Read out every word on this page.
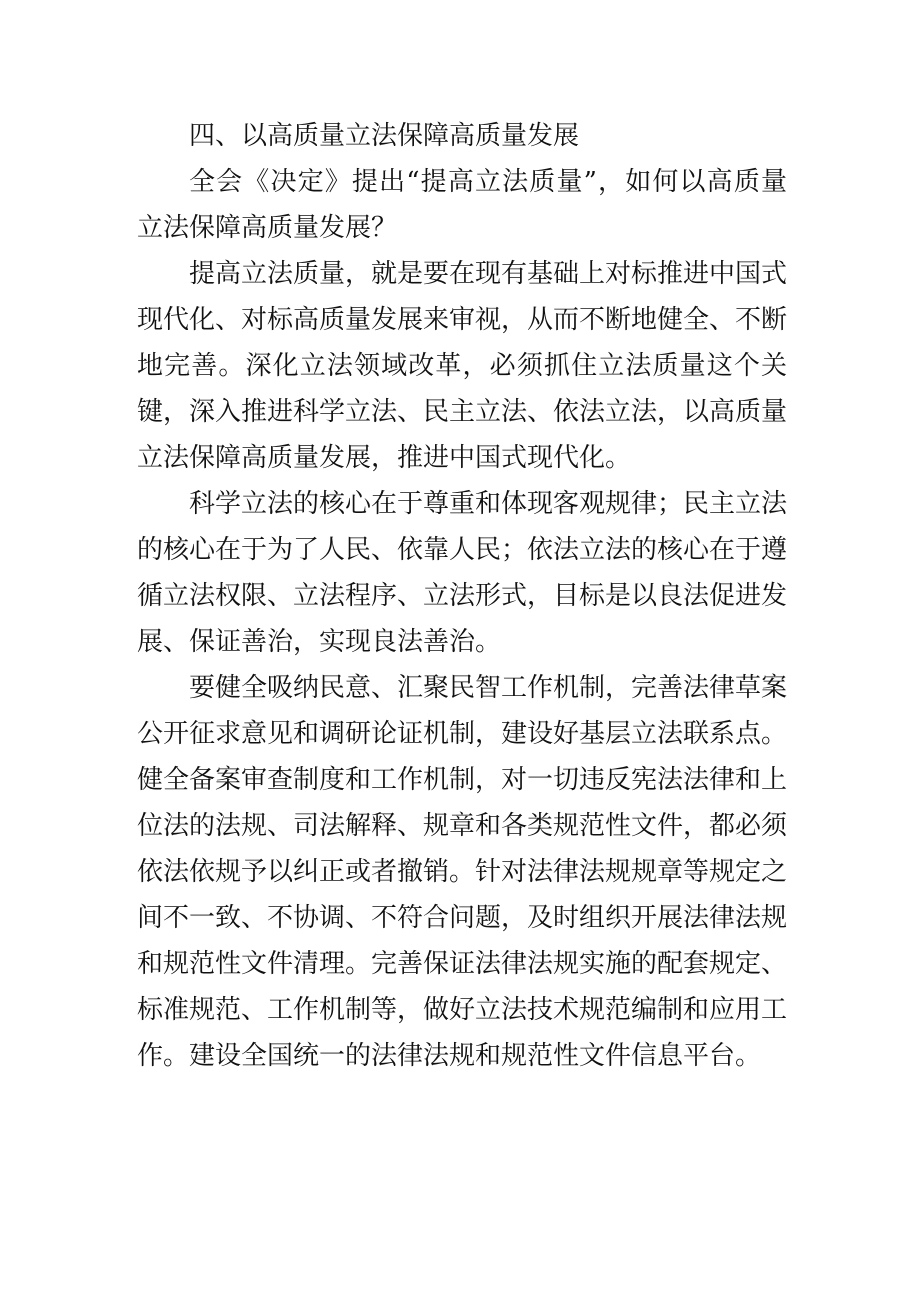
四、以高质量立法保障高质量发展

全会《决定》提出“提高立法质量”，如何以高质量立法保障高质量发展？

提高立法质量，就是要在现有基础上对标推进中国式现代化、对标高质量发展来审视，从而不断地健全、不断地完善。深化立法领域改革，必须抓住立法质量这个关键，深入推进科学立法、民主立法、依法立法，以高质量立法保障高质量发展，推进中国式现代化。

科学立法的核心在于尊重和体现客观规律；民主立法的核心在于为了人民、依靠人民；依法立法的核心在于遵循立法权限、立法程序、立法形式，目标是以良法促进发展、保证善治，实现良法善治。

要健全吸纳民意、汇聚民智工作机制，完善法律草案公开征求意见和调研论证机制，建设好基层立法联系点。健全备案审查制度和工作机制，对一切违反宪法法律和上位法的法规、司法解释、规章和各类规范性文件，都必须依法依规予以纠正或者撤销。针对法律法规规章等规定之间不一致、不协调、不符合问题，及时组织开展法律法规和规范性文件清理。完善保证法律法规实施的配套规定、标准规范、工作机制等，做好立法技术规范编制和应用工作。建设全国统一的法律法规和规范性文件信息平台。
